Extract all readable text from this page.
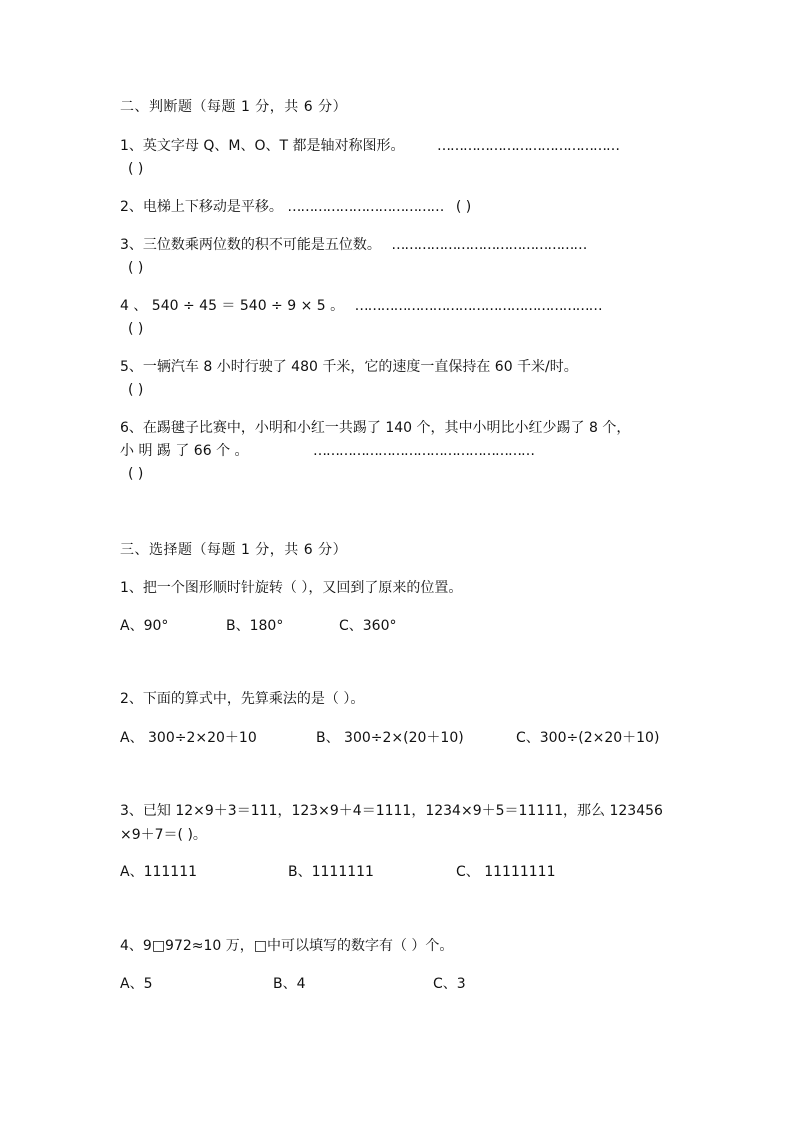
二、判断题（每题 1 分，共 6 分）
1、英文字母 Q、M、O、T 都是轴对称图形。 ……………………………………
( )
2、电梯上下移动是平移。 ……………………………… ( )
3、三位数乘两位数的积不可能是五位数。 ………………………………………
( )
4 、 540 ÷ 45 ＝ 540 ÷ 9 × 5 。 …………………………………………………
( )
5、一辆汽车 8 小时行驶了 480 千米，它的速度一直保持在 60 千米/时。
( )
6、在踢毽子比赛中，小明和小红一共踢了 140 个，其中小明比小红少踢了 8 个，
小 明 踢 了 66 个 。	……………………………………………
( )
三、选择题（每题 1 分，共 6 分）
1、把一个图形顺时针旋转（ ），又回到了原来的位置。
A、90°	B、180°	C、360°
2、下面的算式中，先算乘法的是（ ）。
A、 300÷2×20＋10	B、 300÷2×(20＋10)	C、300÷(2×20＋10)
3、已知 12×9＋3＝111，123×9＋4＝1111，1234×9＋5＝11111，那么 123456
×9＋7＝( )。
A、111111	B、1111111	C、 11111111
4、9□972≈10 万，□中可以填写的数字有（ ）个。
A、5	B、4	C、3
